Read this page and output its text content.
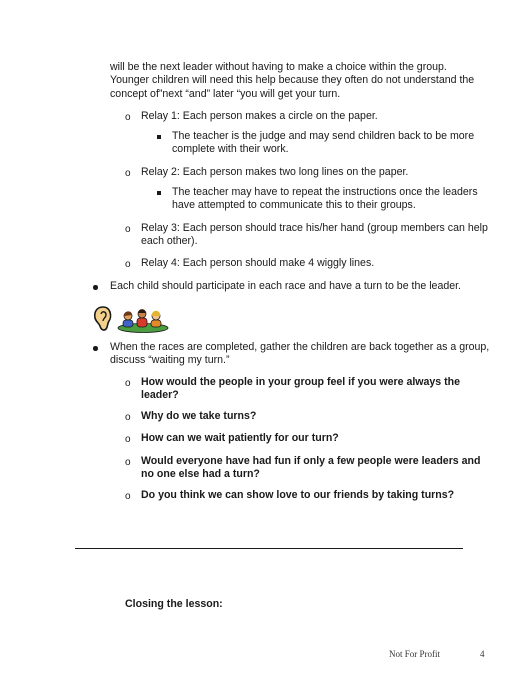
will be the next leader without having to make a choice within the group.

Younger children will need this help because they often do not understand the

concept of”next “and” later “you will get your turn.

o Relay 1: Each person makes a circle on the paper.

The teacher is the judge and may send children back to be more

complete with their work.

o Relay 2: Each person makes two long lines on the paper.

The teacher may have to repeat the instructions once the leaders

have attempted to communicate this to their groups.

o Relay 3: Each person should trace his/her hand (group members can help

each other).

o Relay 4: Each person should make 4 wiggly lines.

Each child should participate in each race and have a turn to be the leader.

When the races are completed, gather the children are back together as a group,

discuss “waiting my turn.”

o How would the people in your group feel if you were always the

leader?

o Why do we take turns?

o How can we wait patiently for our turn?

o Would everyone have had fun if only a few people were leaders and

no one else had a turn?

o Do you think we can show love to our friends by taking turns?

Closing the lesson:

Not For Profit	4
